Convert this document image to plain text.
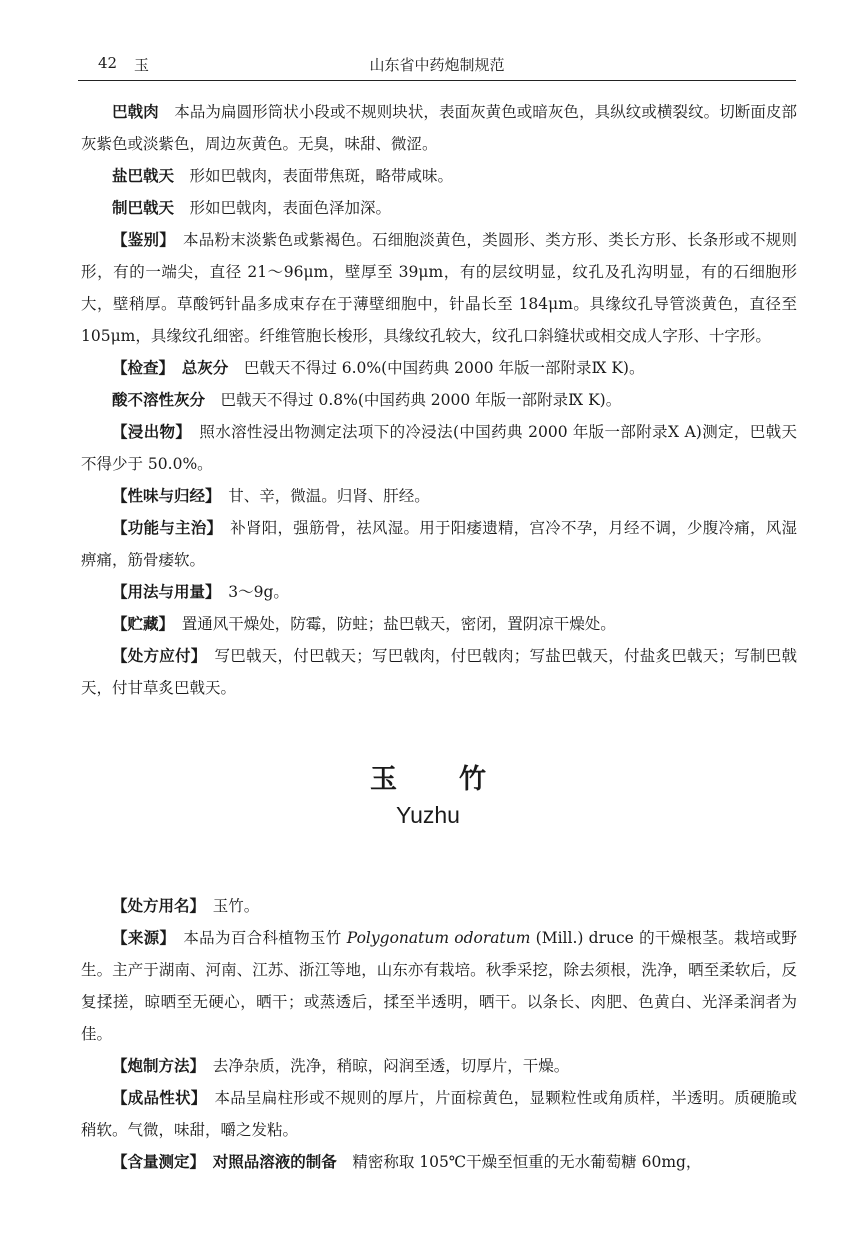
42 玉	山东省中药炮制规范

巴戟肉　 本品为扁圆形筒状小段或不规则块状，表面灰黄色或暗灰色，具纵纹或横裂纹。切断面皮部灰紫色或淡紫色，周边灰黄色。无臭，味甜、微涩。

盐巴戟天　 形如巴戟肉，表面带焦斑，略带咸味。

制巴戟天　 形如巴戟肉，表面色泽加深。

【鉴别】　 本品粉末淡紫色或紫褐色。石细胞淡黄色，类圆形、类方形、类长方形、长条形或不规则形，有的一端尖，直径 21～96μm，壁厚至 39μm，有的层纹明显，纹孔及孔沟明显，有的石细胞形大，壁稍厚。草酸钙针晶多成束存在于薄壁细胞中，针晶长至 184μm。具缘纹孔导管淡黄色，直径至 105μm，具缘纹孔细密。纤维管胞长梭形，具缘纹孔较大，纹孔口斜缝状或相交成人字形、十字形。

【检查】　 总灰分　 巴戟天不得过 6.0%(中国药典 2000 年版一部附录Ⅸ K)。

酸不溶性灰分　 巴戟天不得过 0.8%(中国药典 2000 年版一部附录Ⅸ K)。

【浸出物】　 照水溶性浸出物测定法项下的冷浸法(中国药典 2000 年版一部附录Ⅹ A)测定，巴戟天不得少于 50.0%。

【性味与归经】　 甘、辛，微温。归肾、肝经。

【功能与主治】　 补肾阳，强筋骨，祛风湿。用于阳痿遗精，宫冷不孕，月经不调，少腹冷痛，风湿痹痛，筋骨痿软。

【用法与用量】　 3～9g。

【贮藏】　 置通风干燥处，防霉，防蛀；盐巴戟天，密闭，置阴凉干燥处。

【处方应付】　 写巴戟天，付巴戟天；写巴戟肉，付巴戟肉；写盐巴戟天，付盐炙巴戟天；写制巴戟天，付甘草炙巴戟天。

玉竹
Yuzhu

【处方用名】　 玉竹。

【来源】　 本品为百合科植物玉竹 Polygonatum odoratum (Mill.) druce 的干燥根茎。栽培或野生。主产于湖南、河南、江苏、浙江等地，山东亦有栽培。秋季采挖，除去须根，洗净，晒至柔软后，反复揉搓，晾晒至无硬心，晒干；或蒸透后，揉至半透明，晒干。以条长、肉肥、色黄白、光泽柔润者为佳。

【炮制方法】　 去净杂质，洗净，稍晾，闷润至透，切厚片，干燥。

【成品性状】　 本品呈扁柱形或不规则的厚片，片面棕黄色，显颗粒性或角质样，半透明。质硬脆或稍软。气微，味甜，嚼之发粘。

【含量测定】　 对照品溶液的制备　 精密称取 105℃干燥至恒重的无水葡萄糖 60mg，
